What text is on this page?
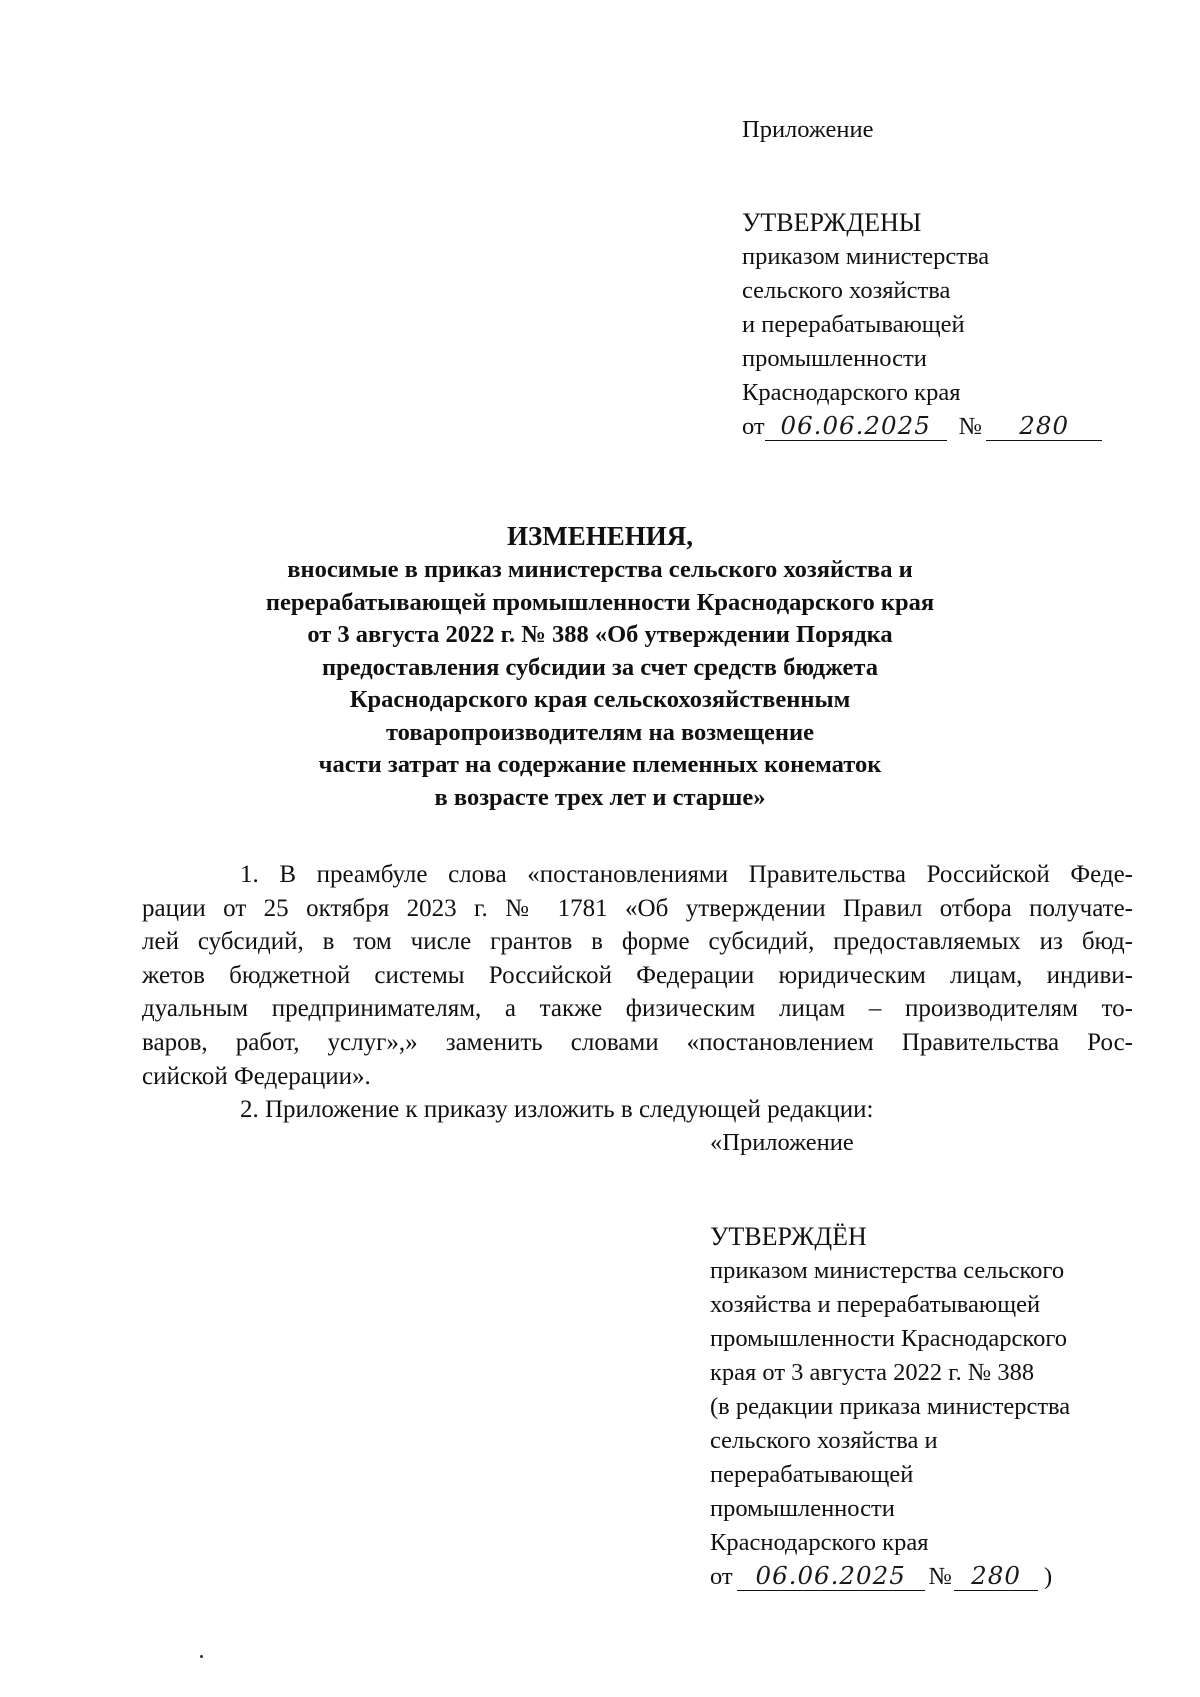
Приложение
УТВЕРЖДЕНЫ
приказом министерства
сельского хозяйства
и перерабатывающей
промышленности
Краснодарского края
от 06.06.2025 № 280
ИЗМЕНЕНИЯ,
вносимые в приказ министерства сельского хозяйства и
перерабатывающей промышленности Краснодарского края
от 3 августа 2022 г. № 388 «Об утверждении Порядка
предоставления субсидии за счет средств бюджета
Краснодарского края сельскохозяйственным
товаропроизводителям на возмещение
части затрат на содержание племенных конематок
в возрасте трех лет и старше»
1. В преамбуле слова «постановлениями Правительства Российской Феде-
рации от 25 октября 2023 г. № 1781 «Об утверждении Правил отбора получате-
лей субсидий, в том числе грантов в форме субсидий, предоставляемых из бюд-
жетов бюджетной системы Российской Федерации юридическим лицам, индиви-
дуальным предпринимателям, а также физическим лицам – производителям то-
варов, работ, услуг»,» заменить словами «постановлением Правительства Рос-
сийской Федерации».
2. Приложение к приказу изложить в следующей редакции:
«Приложение
УТВЕРЖДЁН
приказом министерства сельского
хозяйства и перерабатывающей
промышленности Краснодарского
края от 3 августа 2022 г. № 388
(в редакции приказа министерства
сельского хозяйства и
перерабатывающей
промышленности
Краснодарского края
от 06.06.2025 № 280 )
